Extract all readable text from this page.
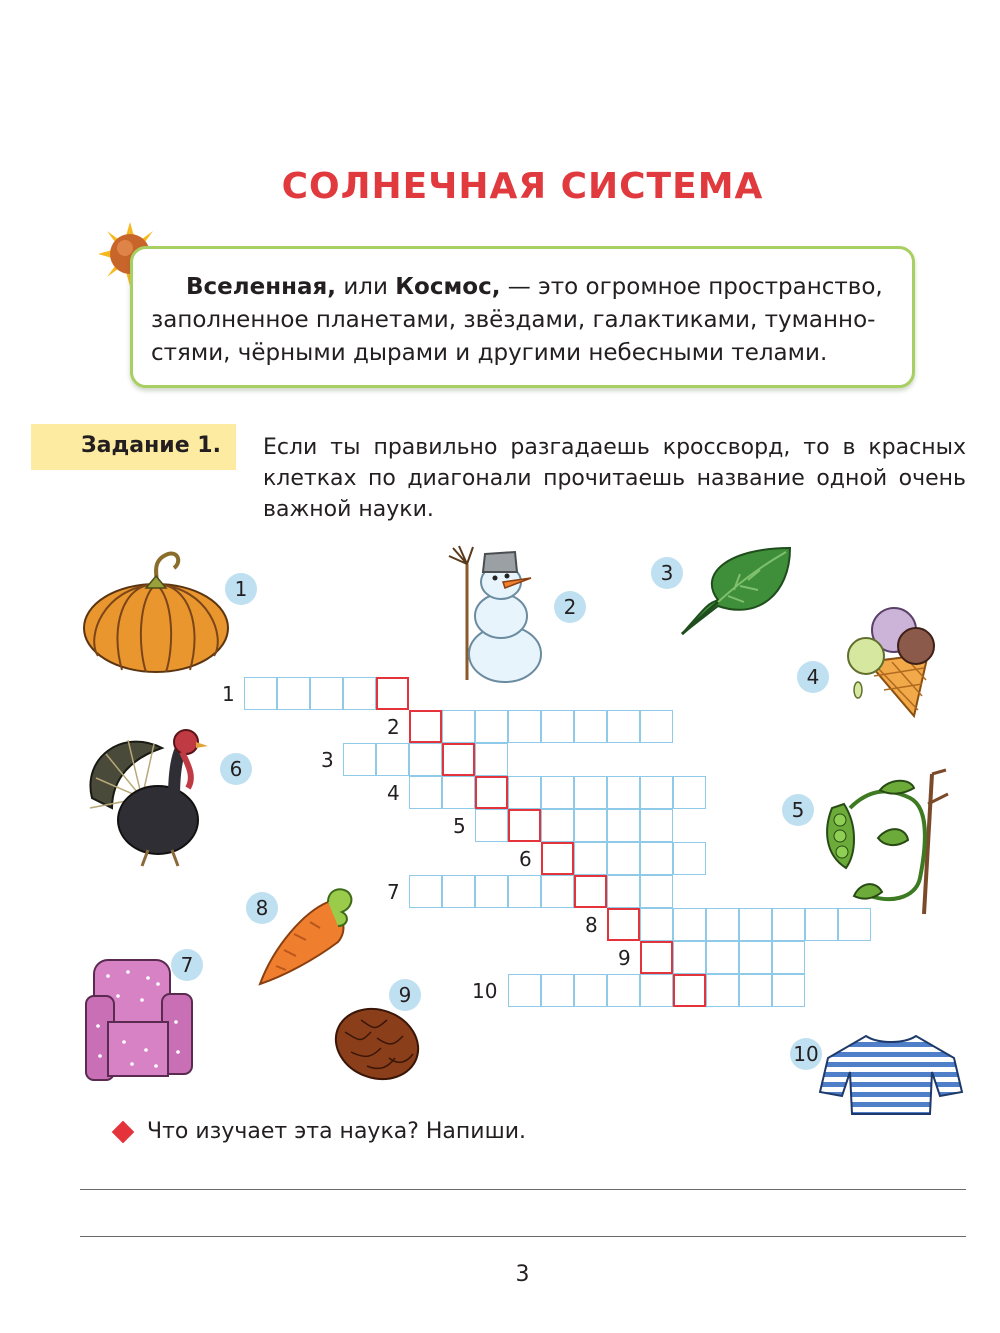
СОЛНЕЧНАЯ СИСТЕМА

Вселенная, или Космос, — это огромное пространство,

заполненное планетами, звёздами, галактиками, туманно-

стями, чёрными дырами и другими небесными телами.

Задание 1. Если ты правильно разгадаешь кроссворд, то в красных клетках по диагонали прочитаешь название одной очень важной науки.
1
2
3
4
5
6
7
8
9
10
1
2
3
4
6
5
8
7
9
10
Что изучает эта наука? Напиши.
3
